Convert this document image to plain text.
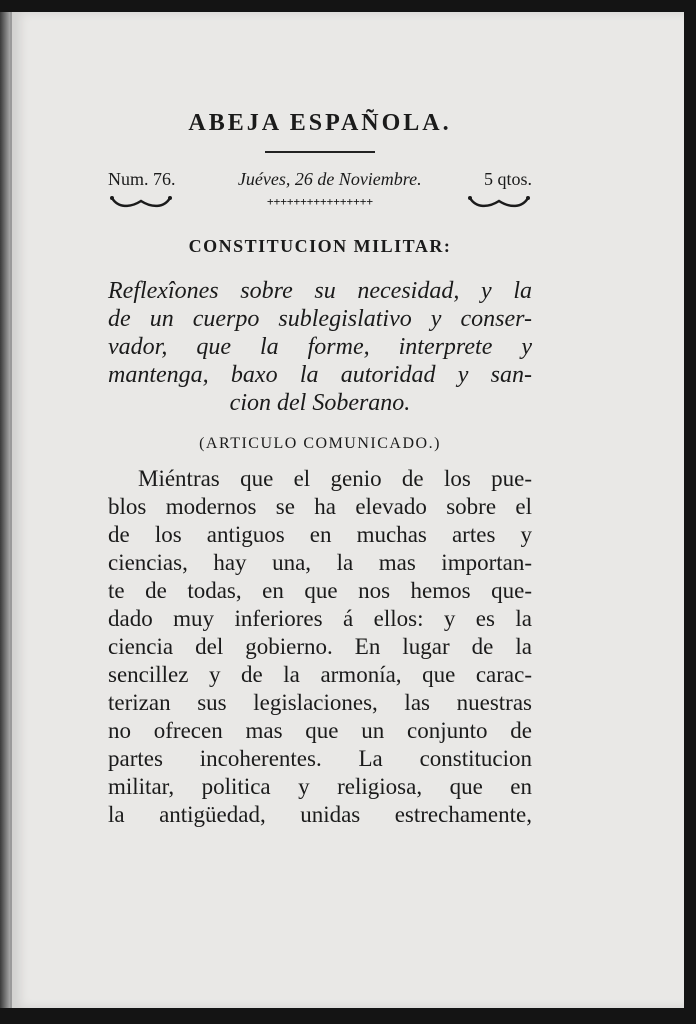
ABEJA ESPAÑOLA.
Num. 76.	Juéves, 26 de Noviembre.	5 qtos.
++++++++++++++++
CONSTITUCION MILITAR:
Reflexîones sobre su necesidad, y la
de un cuerpo sublegislativo y conser-
vador, que la forme, interprete y
mantenga, baxo la autoridad y san-
cion del Soberano.
(ARTICULO COMUNICADO.)
Miéntras que el genio de los pue-
blos modernos se ha elevado sobre el
de los antiguos en muchas artes y
ciencias, hay una, la mas importan-
te de todas, en que nos hemos que-
dado muy inferiores á ellos: y es la
ciencia del gobierno. En lugar de la
sencillez y de la armonía, que carac-
terizan sus legislaciones, las nuestras
no ofrecen mas que un conjunto de
partes incoherentes. La constitucion
militar, politica y religiosa, que en
la antigüedad, unidas estrechamente,
